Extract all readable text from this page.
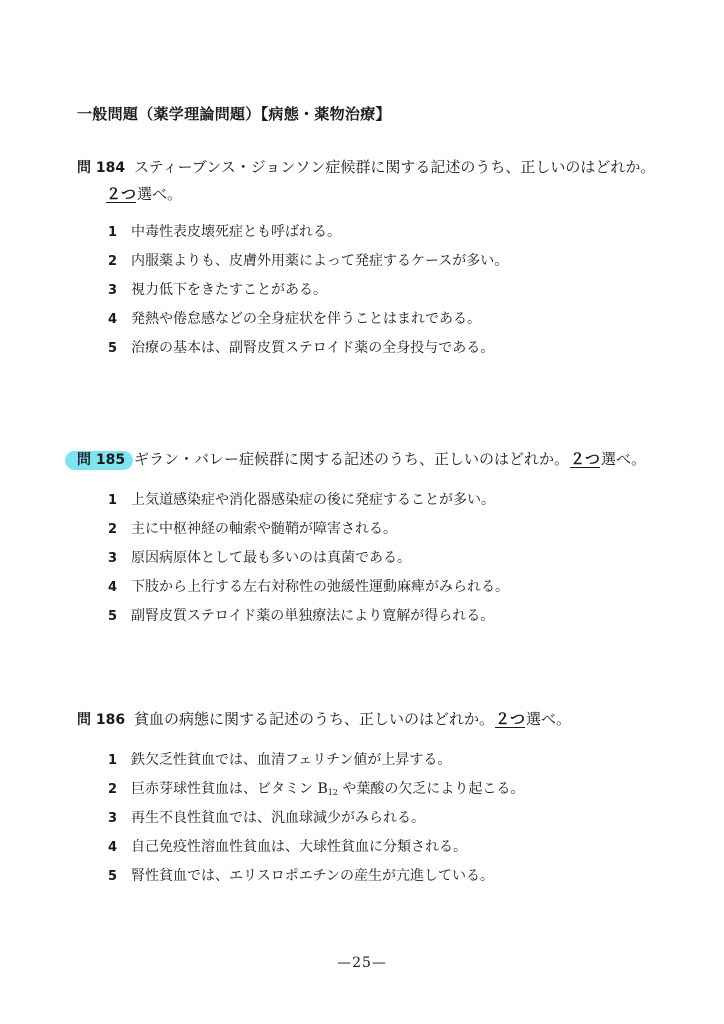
一般問題（薬学理論問題）【病態・薬物治療】
問 184 スティーブンス・ジョンソン症候群に関する記述のうち、正しいのはどれか。
２つ選べ。
1 中毒性表皮壊死症とも呼ばれる。
2 内服薬よりも、皮膚外用薬によって発症するケースが多い。
3 視力低下をきたすことがある。
4 発熱や倦怠感などの全身症状を伴うことはまれである。
5 治療の基本は、副腎皮質ステロイド薬の全身投与である。
問 185 ギラン・バレー症候群に関する記述のうち、正しいのはどれか。２つ選べ。
1 上気道感染症や消化器感染症の後に発症することが多い。
2 主に中枢神経の軸索や髄鞘が障害される。
3 原因病原体として最も多いのは真菌である。
4 下肢から上行する左右対称性の弛緩性運動麻痺がみられる。
5 副腎皮質ステロイド薬の単独療法により寛解が得られる。
問 186 貧血の病態に関する記述のうち、正しいのはどれか。２つ選べ。
1 鉄欠乏性貧血では、血清フェリチン値が上昇する。
2 巨赤芽球性貧血は、ビタミン $B_{12}$ や葉酸の欠乏により起こる。
3 再生不良性貧血では、汎血球減少がみられる。
4 自己免疫性溶血性貧血は、大球性貧血に分類される。
5 腎性貧血では、エリスロポエチンの産生が亢進している。
—25—
